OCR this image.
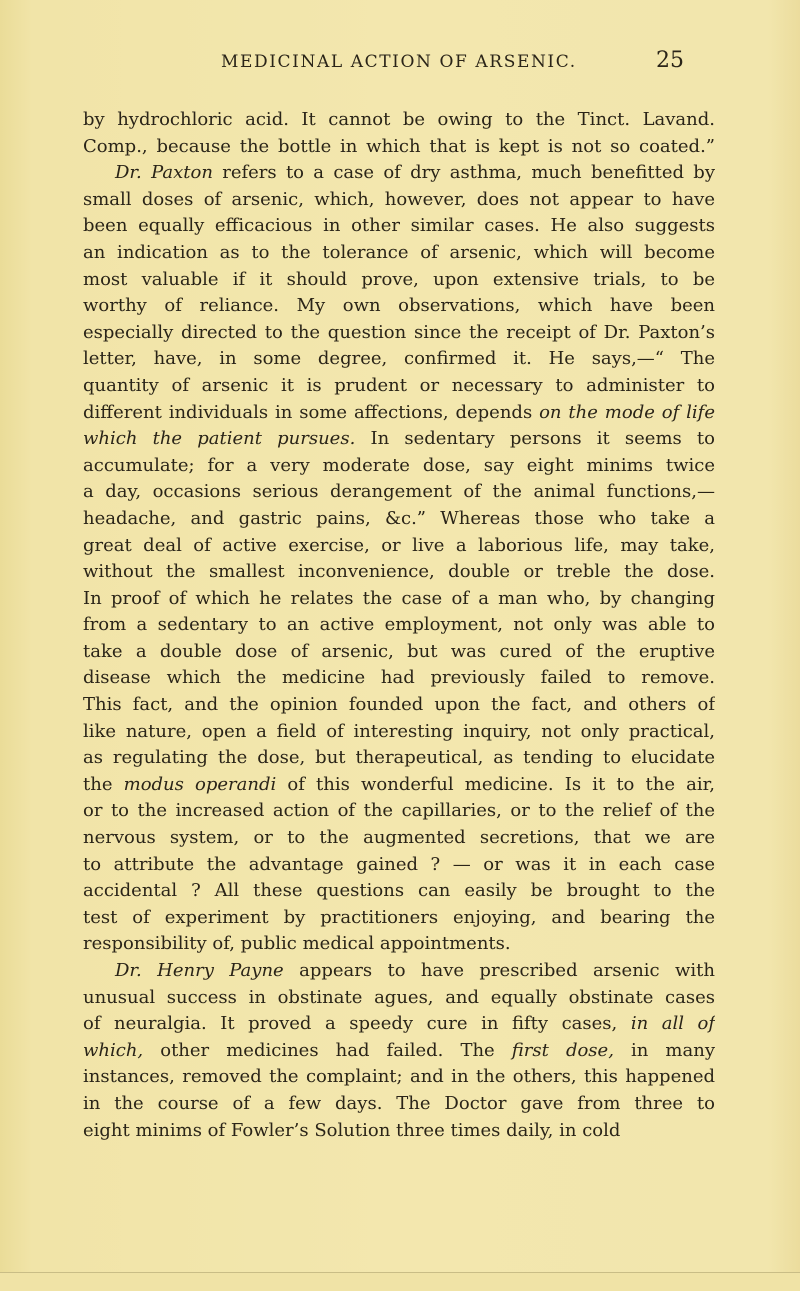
MEDICINAL ACTION OF ARSENIC.	25
by hydrochloric acid. It cannot be owing to the Tinct. Lavand.
Comp., because the bottle in which that is kept is not so coated.”
Dr. Paxton refers to a case of dry asthma, much benefitted by
small doses of arsenic, which, however, does not appear to have
been equally efficacious in other similar cases. He also suggests
an indication as to the tolerance of arsenic, which will become
most valuable if it should prove, upon extensive trials, to be
worthy of reliance. My own observations, which have been
especially directed to the question since the receipt of Dr. Paxton’s
letter, have, in some degree, confirmed it. He says,—“ The
quantity of arsenic it is prudent or necessary to administer to
different individuals in some affections, depends on the mode of life
which the patient pursues. In sedentary persons it seems to
accumulate; for a very moderate dose, say eight minims twice
a day, occasions serious derangement of the animal functions,—
headache, and gastric pains, &c.” Whereas those who take a
great deal of active exercise, or live a laborious life, may take,
without the smallest inconvenience, double or treble the dose.
In proof of which he relates the case of a man who, by changing
from a sedentary to an active employment, not only was able to
take a double dose of arsenic, but was cured of the eruptive
disease which the medicine had previously failed to remove.
This fact, and the opinion founded upon the fact, and others of
like nature, open a field of interesting inquiry, not only practical,
as regulating the dose, but therapeutical, as tending to elucidate
the modus operandi of this wonderful medicine. Is it to the air,
or to the increased action of the capillaries, or to the relief of the
nervous system, or to the augmented secretions, that we are
to attribute the advantage gained ? — or was it in each case
accidental ? All these questions can easily be brought to the
test of experiment by practitioners enjoying, and bearing the
responsibility of, public medical appointments.
Dr. Henry Payne appears to have prescribed arsenic with
unusual success in obstinate agues, and equally obstinate cases
of neuralgia. It proved a speedy cure in fifty cases, in all of
which, other medicines had failed. The first dose, in many
instances, removed the complaint; and in the others, this happened
in the course of a few days. The Doctor gave from three to
eight minims of Fowler’s Solution three times daily, in cold
